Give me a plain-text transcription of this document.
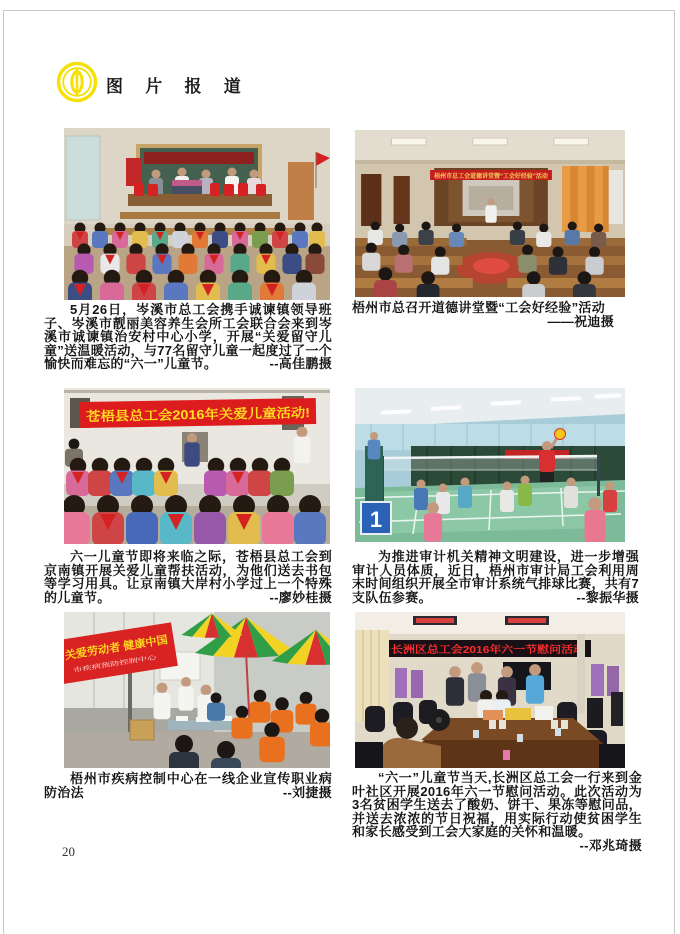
图 片 报 道
梧州市总工会道德讲堂暨“工会好经验”活动
苍梧县总工会2016年关爱儿童活动!
1
关爱劳动者 健康中国
市疾病预防控制中心
长洲区总工会2016年六一节慰问活动

5月26日，岑溪市总工会携手诚谏镇领导班子、岑溪市靓丽美容养生会所工会联合会来到岑溪市诚谏镇治安村中心小学，开展“关爱留守儿童”送温暖活动，与77名留守儿童一起度过了一个愉快而难忘的“六一”儿童节。	--高佳鹏摄

梧州市总召开道德讲堂暨“工会好经验”活动
——祝迪摄

六一儿童节即将来临之际，苍梧县总工会到京南镇开展关爱儿童帮扶活动，为他们送去书包等学习用具。让京南镇大岸村小学过上一个特殊的儿童节。	--廖妙桂摄

为推进审计机关精神文明建设，进一步增强审计人员体质，近日，梧州市审计局工会利用周末时间组织开展全市审计系统气排球比赛，共有7支队伍参赛。	--黎振华摄

梧州市疾病控制中心在一线企业宣传职业病防治法	--刘捷摄

“六一”儿童节当天,长洲区总工会一行来到金叶社区开展2016年六一节慰问活动。此次活动为3名贫困学生送去了酸奶、饼干、果冻等慰问品，并送去浓浓的节日祝福，用实际行动使贫困学生和家长感受到工会大家庭的关怀和温暖。
--邓兆琦摄

20
